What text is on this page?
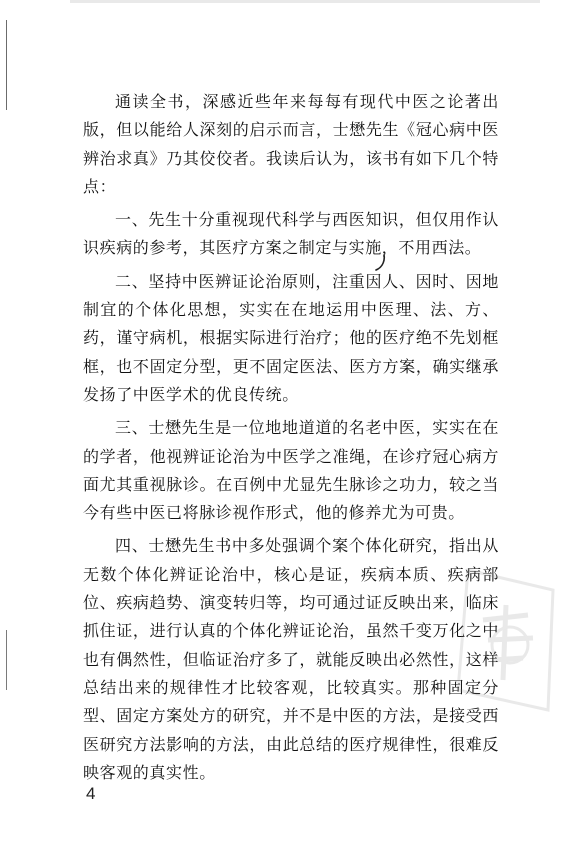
通读全书，深感近些年来每每有现代中医之论著出版，但以能给人深刻的启示而言，士懋先生《冠心病中医辨治求真》乃其佼佼者。我读后认为，该书有如下几个特点：

一、先生十分重视现代科学与西医知识，但仅用作认识疾病的参考，其医疗方案之制定与实施，不用西法。

二、坚持中医辨证论治原则，注重因人、因时、因地制宜的个体化思想，实实在在地运用中医理、法、方、药，谨守病机，根据实际进行治疗；他的医疗绝不先划框框，也不固定分型，更不固定医法、医方方案，确实继承发扬了中医学术的优良传统。

三、士懋先生是一位地地道道的名老中医，实实在在的学者，他视辨证论治为中医学之准绳，在诊疗冠心病方面尤其重视脉诊。在百例中尤显先生脉诊之功力，较之当今有些中医已将脉诊视作形式，他的修养尤为可贵。

四、士懋先生书中多处强调个案个体化研究，指出从无数个体化辨证论治中，核心是证，疾病本质、疾病部位、疾病趋势、演变转归等，均可通过证反映出来，临床抓住证，进行认真的个体化辨证论治，虽然千变万化之中也有偶然性，但临证治疗多了，就能反映出必然性，这样总结出来的规律性才比较客观，比较真实。那种固定分型、固定方案处方的研究，并不是中医的方法，是接受西医研究方法影响的方法，由此总结的医疗规律性，很难反映客观的真实性。

4
